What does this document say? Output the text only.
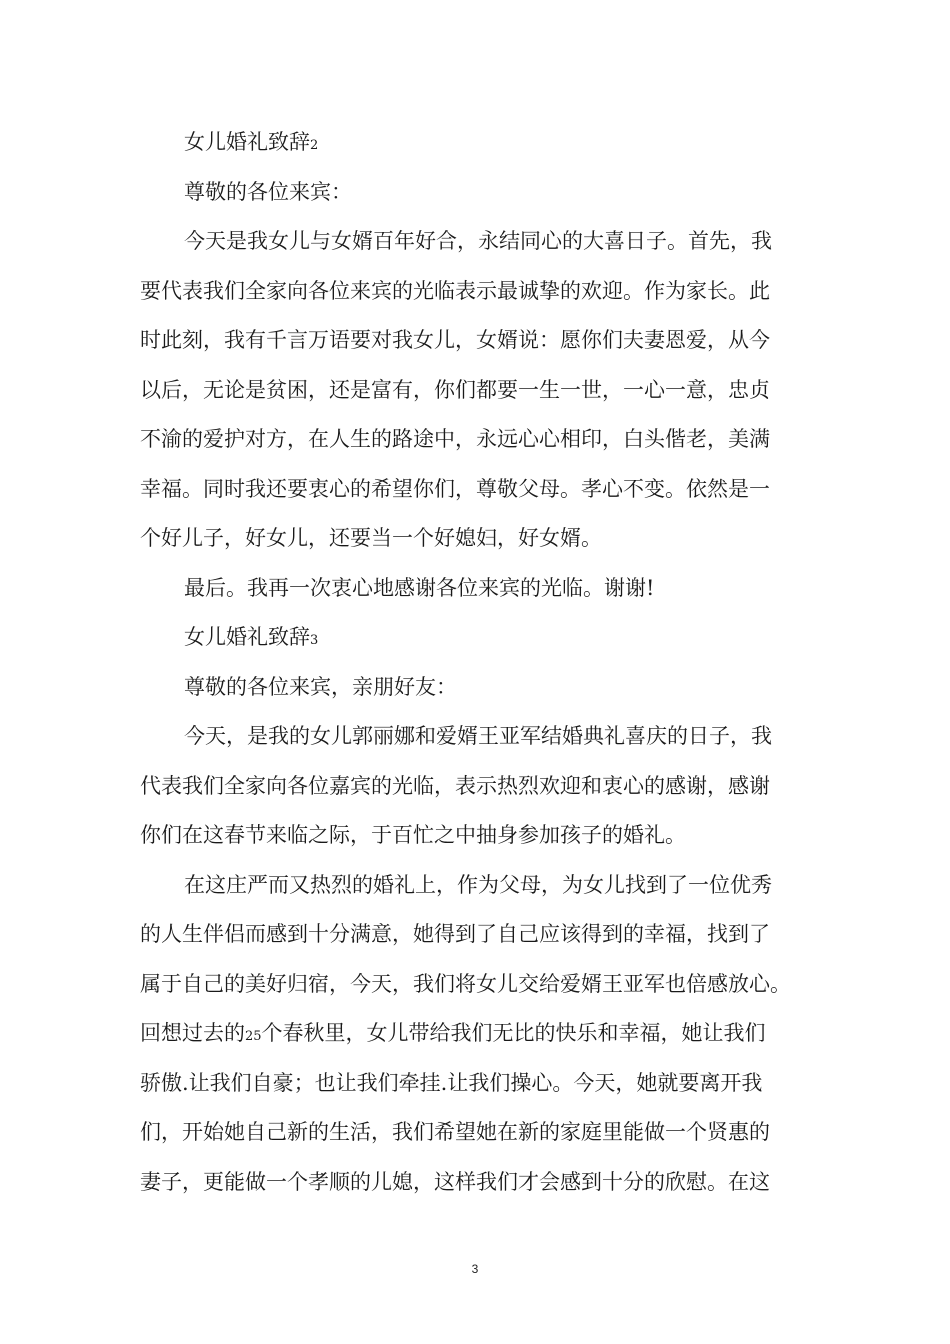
女儿婚礼致辞2
尊敬的各位来宾：
今天是我女儿与女婿百年好合，永结同心的大喜日子。首先，我
要代表我们全家向各位来宾的光临表示最诚挚的欢迎。作为家长。此
时此刻，我有千言万语要对我女儿，女婿说：愿你们夫妻恩爱，从今
以后，无论是贫困，还是富有，你们都要一生一世，一心一意，忠贞
不渝的爱护对方，在人生的路途中，永远心心相印，白头偕老，美满
幸福。同时我还要衷心的希望你们，尊敬父母。孝心不变。依然是一
个好儿子，好女儿，还要当一个好媳妇，好女婿。
最后。我再一次衷心地感谢各位来宾的光临。谢谢!
女儿婚礼致辞3
尊敬的各位来宾，亲朋好友：
今天，是我的女儿郭丽娜和爱婿王亚军结婚典礼喜庆的日子，我
代表我们全家向各位嘉宾的光临，表示热烈欢迎和衷心的感谢，感谢
你们在这春节来临之际，于百忙之中抽身参加孩子的婚礼。
在这庄严而又热烈的婚礼上，作为父母，为女儿找到了一位优秀
的人生伴侣而感到十分满意，她得到了自己应该得到的幸福，找到了
属于自己的美好归宿，今天，我们将女儿交给爱婿王亚军也倍感放心。
回想过去的25个春秋里，女儿带给我们无比的快乐和幸福，她让我们
骄傲.让我们自豪；也让我们牵挂.让我们操心。今天，她就要离开我
们，开始她自己新的生活，我们希望她在新的家庭里能做一个贤惠的
妻子，更能做一个孝顺的儿媳，这样我们才会感到十分的欣慰。在这
3
